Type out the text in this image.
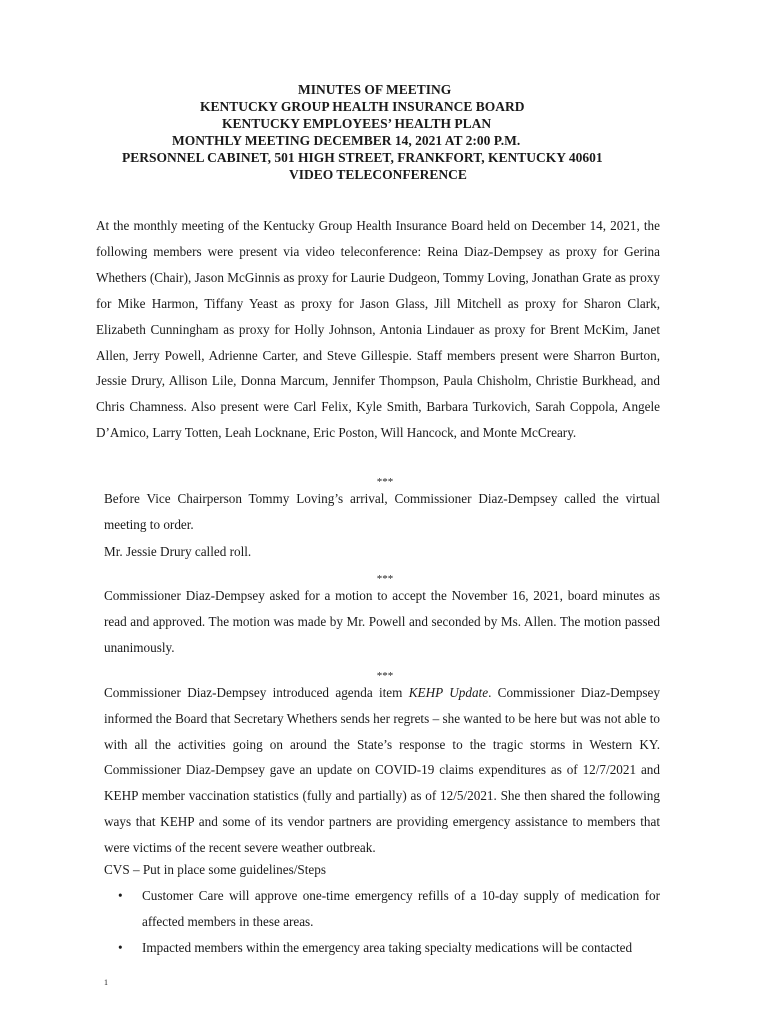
MINUTES OF MEETING
KENTUCKY GROUP HEALTH INSURANCE BOARD
KENTUCKY EMPLOYEES’ HEALTH PLAN
MONTHLY MEETING DECEMBER 14, 2021 AT 2:00 P.M.
PERSONNEL CABINET, 501 HIGH STREET, FRANKFORT, KENTUCKY 40601
VIDEO TELECONFERENCE
At the monthly meeting of the Kentucky Group Health Insurance Board held on December 14, 2021, the following members were present via video teleconference: Reina Diaz-Dempsey as proxy for Gerina Whethers (Chair), Jason McGinnis as proxy for Laurie Dudgeon, Tommy Loving, Jonathan Grate as proxy for Mike Harmon, Tiffany Yeast as proxy for Jason Glass, Jill Mitchell as proxy for Sharon Clark, Elizabeth Cunningham as proxy for Holly Johnson, Antonia Lindauer as proxy for Brent McKim, Janet Allen, Jerry Powell, Adrienne Carter, and Steve Gillespie. Staff members present were Sharron Burton, Jessie Drury, Allison Lile, Donna Marcum, Jennifer Thompson, Paula Chisholm, Christie Burkhead, and Chris Chamness. Also present were Carl Felix, Kyle Smith, Barbara Turkovich, Sarah Coppola, Angele D’Amico, Larry Totten, Leah Locknane, Eric Poston, Will Hancock, and Monte McCreary.
***
Before Vice Chairperson Tommy Loving’s arrival, Commissioner Diaz-Dempsey called the virtual meeting to order.
Mr. Jessie Drury called roll.
***
Commissioner Diaz-Dempsey asked for a motion to accept the November 16, 2021, board minutes as read and approved. The motion was made by Mr. Powell and seconded by Ms. Allen. The motion passed unanimously.
***
Commissioner Diaz-Dempsey introduced agenda item KEHP Update. Commissioner Diaz-Dempsey informed the Board that Secretary Whethers sends her regrets – she wanted to be here but was not able to with all the activities going on around the State’s response to the tragic storms in Western KY. Commissioner Diaz-Dempsey gave an update on COVID-19 claims expenditures as of 12/7/2021 and KEHP member vaccination statistics (fully and partially) as of 12/5/2021. She then shared the following ways that KEHP and some of its vendor partners are providing emergency assistance to members that were victims of the recent severe weather outbreak.
CVS – Put in place some guidelines/Steps
• Customer Care will approve one-time emergency refills of a 10-day supply of medication for affected members in these areas.
• Impacted members within the emergency area taking specialty medications will be contacted
1
